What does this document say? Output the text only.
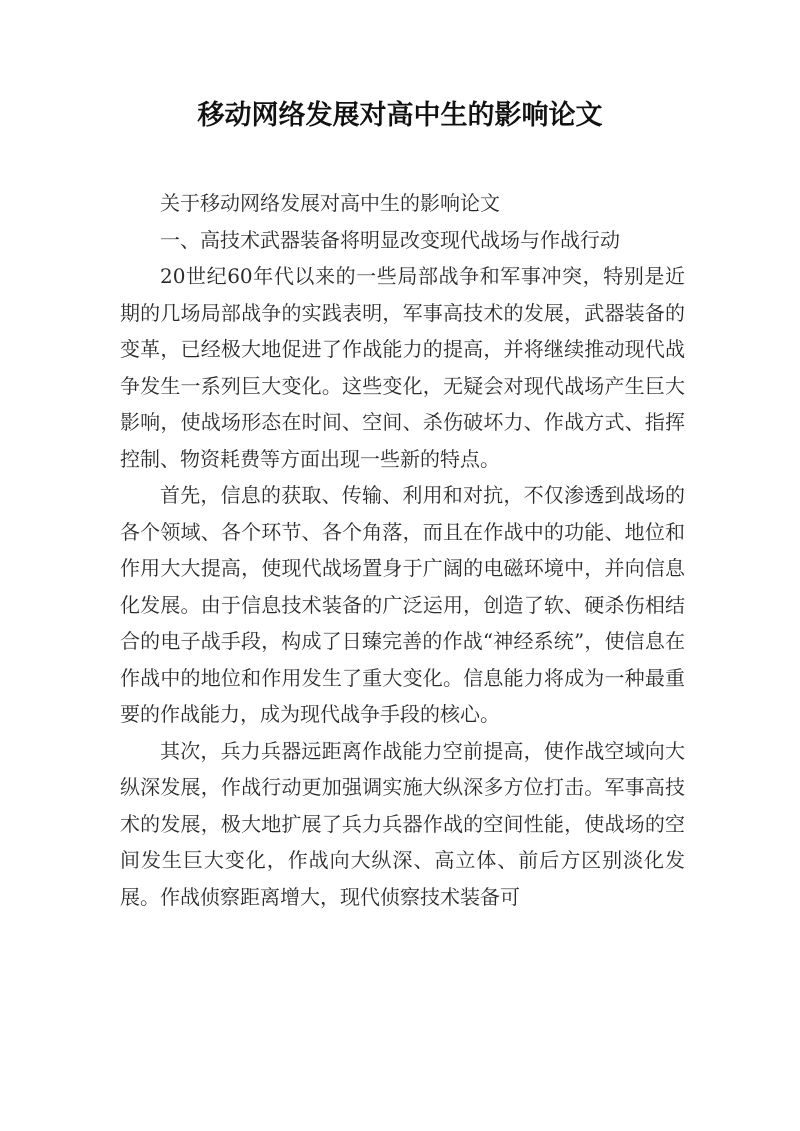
移动网络发展对高中生的影响论文

关于移动网络发展对高中生的影响论文

一、高技术武器装备将明显改变现代战场与作战行动

20世纪60年代以来的一些局部战争和军事冲突，特别是近期的几场局部战争的实践表明，军事高技术的发展，武器装备的变革，已经极大地促进了作战能力的提高，并将继续推动现代战争发生一系列巨大变化。这些变化，无疑会对现代战场产生巨大影响，使战场形态在时间、空间、杀伤破坏力、作战方式、指挥控制、物资耗费等方面出现一些新的特点。

首先，信息的获取、传输、利用和对抗，不仅渗透到战场的各个领域、各个环节、各个角落，而且在作战中的功能、地位和作用大大提高，使现代战场置身于广阔的电磁环境中，并向信息化发展。由于信息技术装备的广泛运用，创造了软、硬杀伤相结合的电子战手段，构成了日臻完善的作战“神经系统”，使信息在作战中的地位和作用发生了重大变化。信息能力将成为一种最重要的作战能力，成为现代战争手段的核心。

其次，兵力兵器远距离作战能力空前提高，使作战空域向大纵深发展，作战行动更加强调实施大纵深多方位打击。军事高技术的发展，极大地扩展了兵力兵器作战的空间性能，使战场的空间发生巨大变化，作战向大纵深、高立体、前后方区别淡化发展。作战侦察距离增大，现代侦察技术装备可
